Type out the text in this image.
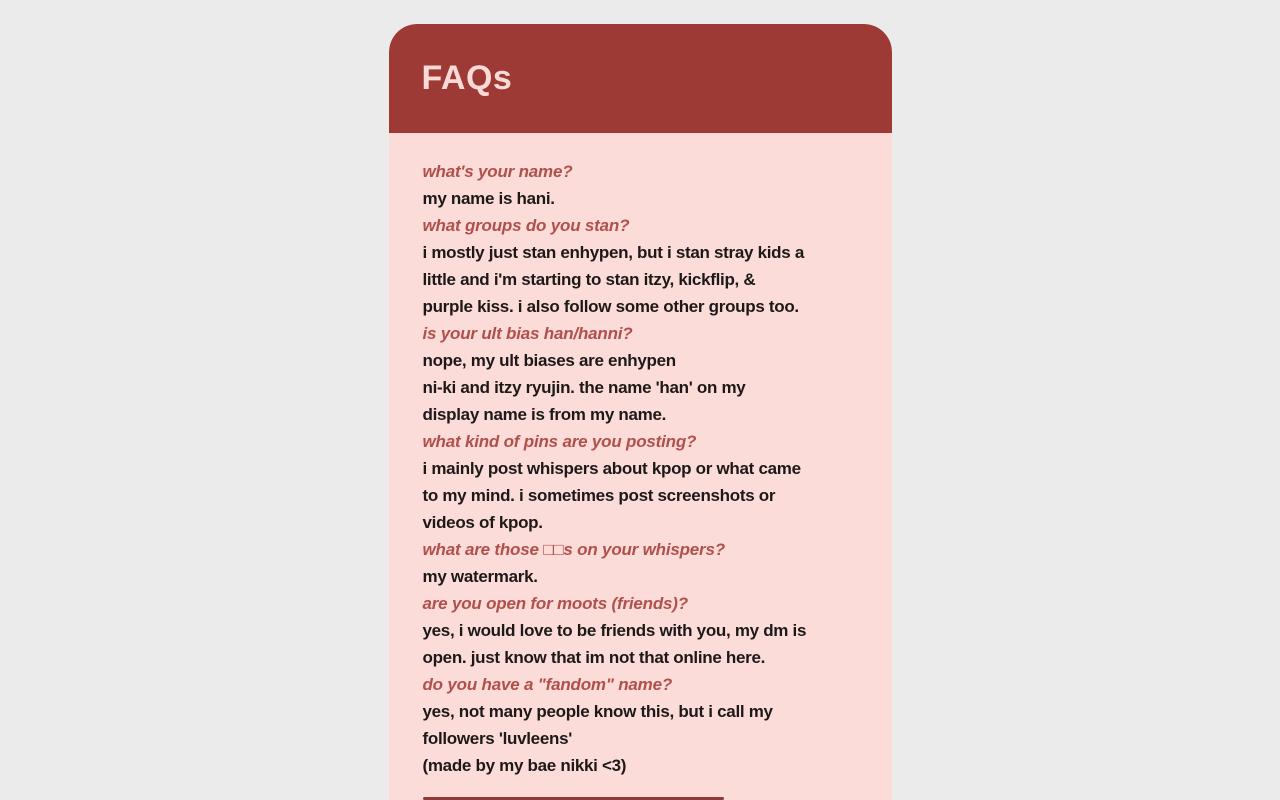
FAQs
what's your name?
my name is hani.
what groups do you stan?
i mostly just stan enhypen, but i stan stray kids a
little and i'm starting to stan itzy, kickflip, &
purple kiss. i also follow some other groups too.
is your ult bias han/hanni?
nope, my ult biases are enhypen
ni-ki and itzy ryujin. the name 'han' on my
display name is from my name.
what kind of pins are you posting?
i mainly post whispers about kpop or what came
to my mind. i sometimes post screenshots or
videos of kpop.
what are those □□s on your whispers?
my watermark.
are you open for moots (friends)?
yes, i would love to be friends with you, my dm is
open. just know that im not that online here.
do you have a "fandom" name?
yes, not many people know this, but i call my
followers 'luvleens'
(made by my bae nikki <3)
